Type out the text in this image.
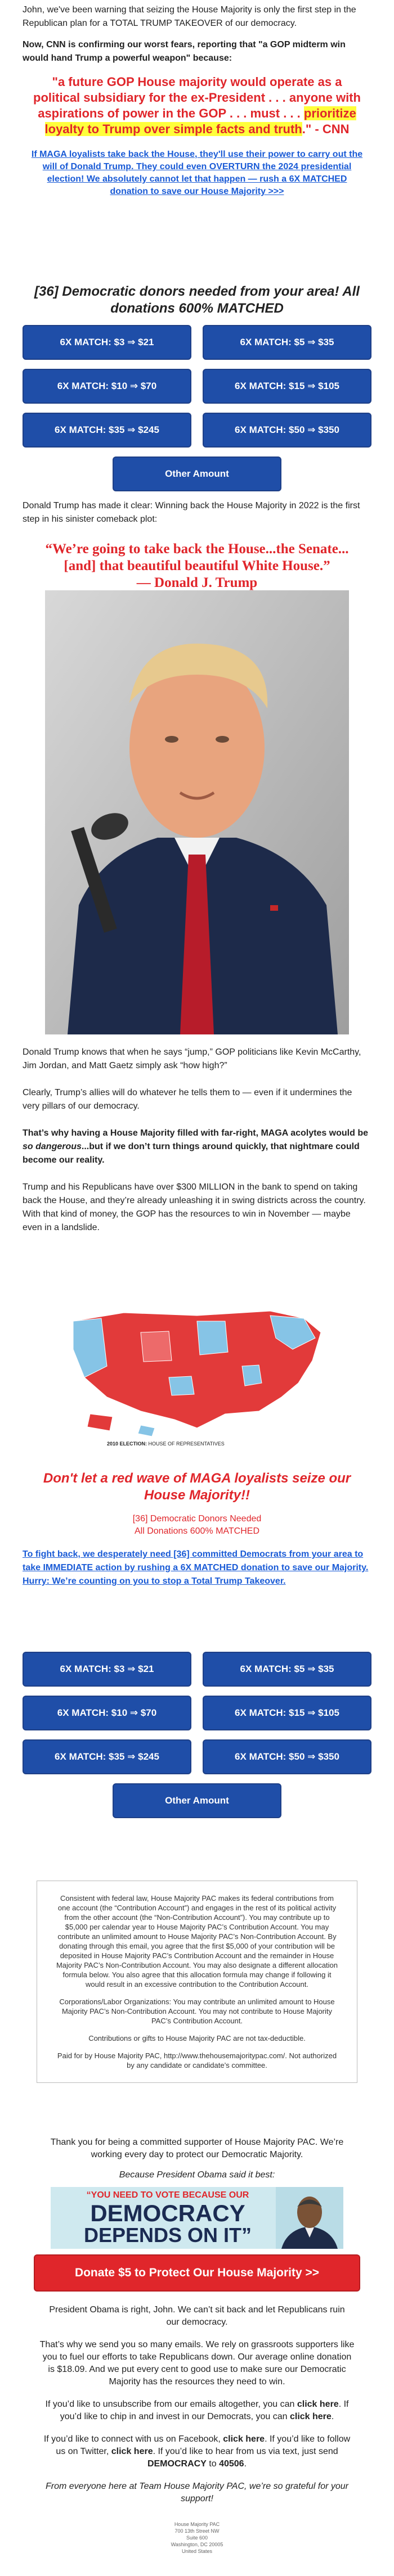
John, we've been warning that seizing the House Majority is only the first step in the Republican plan for a TOTAL TRUMP TAKEOVER of our democracy.

Now, CNN is confirming our worst fears, reporting that "a GOP midterm win would hand Trump a powerful weapon" because:

"a future GOP House majority would operate as a political subsidiary for the ex-President . . . anyone with aspirations of power in the GOP . . . must . . . prioritize loyalty to Trump over simple facts and truth." - CNN

If MAGA loyalists take back the House, they'll use their power to carry out the will of Donald Trump. They could even OVERTURN the 2024 presidential election! We absolutely cannot let that happen — rush a 6X MATCHED donation to save our House Majority >>>

[36] Democratic donors needed from your area! All donations 600% MATCHED

6X MATCH: $3 ⇒ $21	6X MATCH: $5 ⇒ $35
6X MATCH: $10 ⇒ $70	6X MATCH: $15 ⇒ $105
6X MATCH: $35 ⇒ $245	6X MATCH: $50 ⇒ $350
Other Amount

Donald Trump has made it clear: Winning back the House Majority in 2022 is the first step in his sinister comeback plot:

“We’re going to take back the House...the Senate... [and] that beautiful beautiful White House.”

— Donald J. Trump

Donald Trump knows that when he says “jump,” GOP politicians like Kevin McCarthy, Jim Jordan, and Matt Gaetz simply ask “how high?”

Clearly, Trump’s allies will do whatever he tells them to — even if it undermines the very pillars of our democracy.

That’s why having a House Majority filled with far-right, MAGA acolytes would be so dangerous...but if we don’t turn things around quickly, that nightmare could become our reality.

Trump and his Republicans have over $300 MILLION in the bank to spend on taking back the House, and they’re already unleashing it in swing districts across the country. With that kind of money, the GOP has the resources to win in November — maybe even in a landslide.

2010 ELECTION: HOUSE OF REPRESENTATIVES

Don't let a red wave of MAGA loyalists seize our House Majority!!

[36] Democratic Donors Needed

All Donations 600% MATCHED

To fight back, we desperately need [36] committed Democrats from your area to take IMMEDIATE action by rushing a 6X MATCHED donation to save our Majority. Hurry: We’re counting on you to stop a Total Trump Takeover.

6X MATCH: $3 ⇒ $21	6X MATCH: $5 ⇒ $35
6X MATCH: $10 ⇒ $70	6X MATCH: $15 ⇒ $105
6X MATCH: $35 ⇒ $245	6X MATCH: $50 ⇒ $350
Other Amount

Consistent with federal law, House Majority PAC makes its federal contributions from one account (the “Contribution Account”) and engages in the rest of its political activity from the other account (the “Non-Contribution Account”). You may contribute up to $5,000 per calendar year to House Majority PAC’s Contribution Account. You may contribute an unlimited amount to House Majority PAC’s Non-Contribution Account. By donating through this email, you agree that the first $5,000 of your contribution will be deposited in House Majority PAC’s Contribution Account and the remainder in House Majority PAC’s Non-Contribution Account. You may also designate a different allocation formula below. You also agree that this allocation formula may change if following it would result in an excessive contribution to the Contribution Account.

Corporations/Labor Organizations: You may contribute an unlimited amount to House Majority PAC’s Non-Contribution Account. You may not contribute to House Majority PAC’s Contribution Account.

Contributions or gifts to House Majority PAC are not tax-deductible.

Paid for by House Majority PAC, http://www.thehousemajoritypac.com/. Not authorized by any candidate or candidate’s committee.

Thank you for being a committed supporter of House Majority PAC. We’re working every day to protect our Democratic Majority.

Because President Obama said it best:

“YOU NEED TO VOTE BECAUSE OUR
DEMOCRACY
DEPENDS ON IT”
Donate $5 to Protect Our House Majority >>

President Obama is right, John. We can’t sit back and let Republicans ruin our democracy.

That’s why we send you so many emails. We rely on grassroots supporters like you to fuel our efforts to take Republicans down. Our average online donation is $18.09. And we put every cent to good use to make sure our Democratic Majority has the resources they need to win.

If you’d like to unsubscribe from our emails altogether, you can click here. If you’d like to chip in and invest in our Democrats, you can click here.

If you’d like to connect with us on Facebook, click here. If you’d like to follow us on Twitter, click here. If you’d like to hear from us via text, just send DEMOCRACY to 40506.

From everyone here at Team House Majority PAC, we’re so grateful for your support!

House Majority PAC
700 13th Street NW
Suite 600
Washington, DC 20005
United States
